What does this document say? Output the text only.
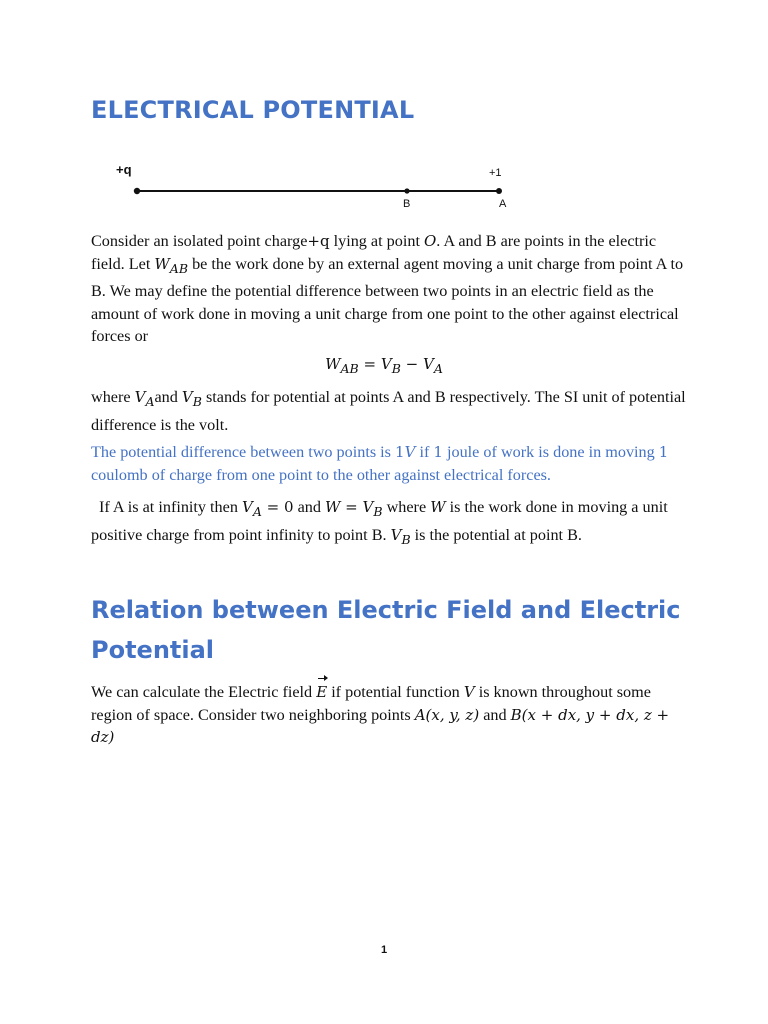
ELECTRICAL POTENTIAL
+q	+1
B	A

Consider an isolated point charge+q lying at point O. A and B are points in the electric field. Let $W_{AB}$ be the work done by an external agent moving a unit charge from point A to B. We may define the potential difference between two points in an electric field as the amount of work done in moving a unit charge from one point to the other against electrical forces or

$W_{AB} = V_B - V_A$

where $V_Aand$ $V_B$ stands for potential at points A and B respectively. The SI unit of potential difference is the volt.

The potential difference between two points is 1V if 1 joule of work is done in moving 1 coulomb of charge from one point to the other against electrical forces.

If A is at infinity then $V_A = 0$ and $W = V_B$ where W is the work done in moving a unit positive charge from point infinity to point B. $V_B$ is the potential at point B.

Relation between Electric Field and Electric Potential

We can calculate the Electric field E if potential function V is known throughout some region of space. Consider two neighboring points A(x, y, z) and B(x + dx, y + dx, z + dz)

1
